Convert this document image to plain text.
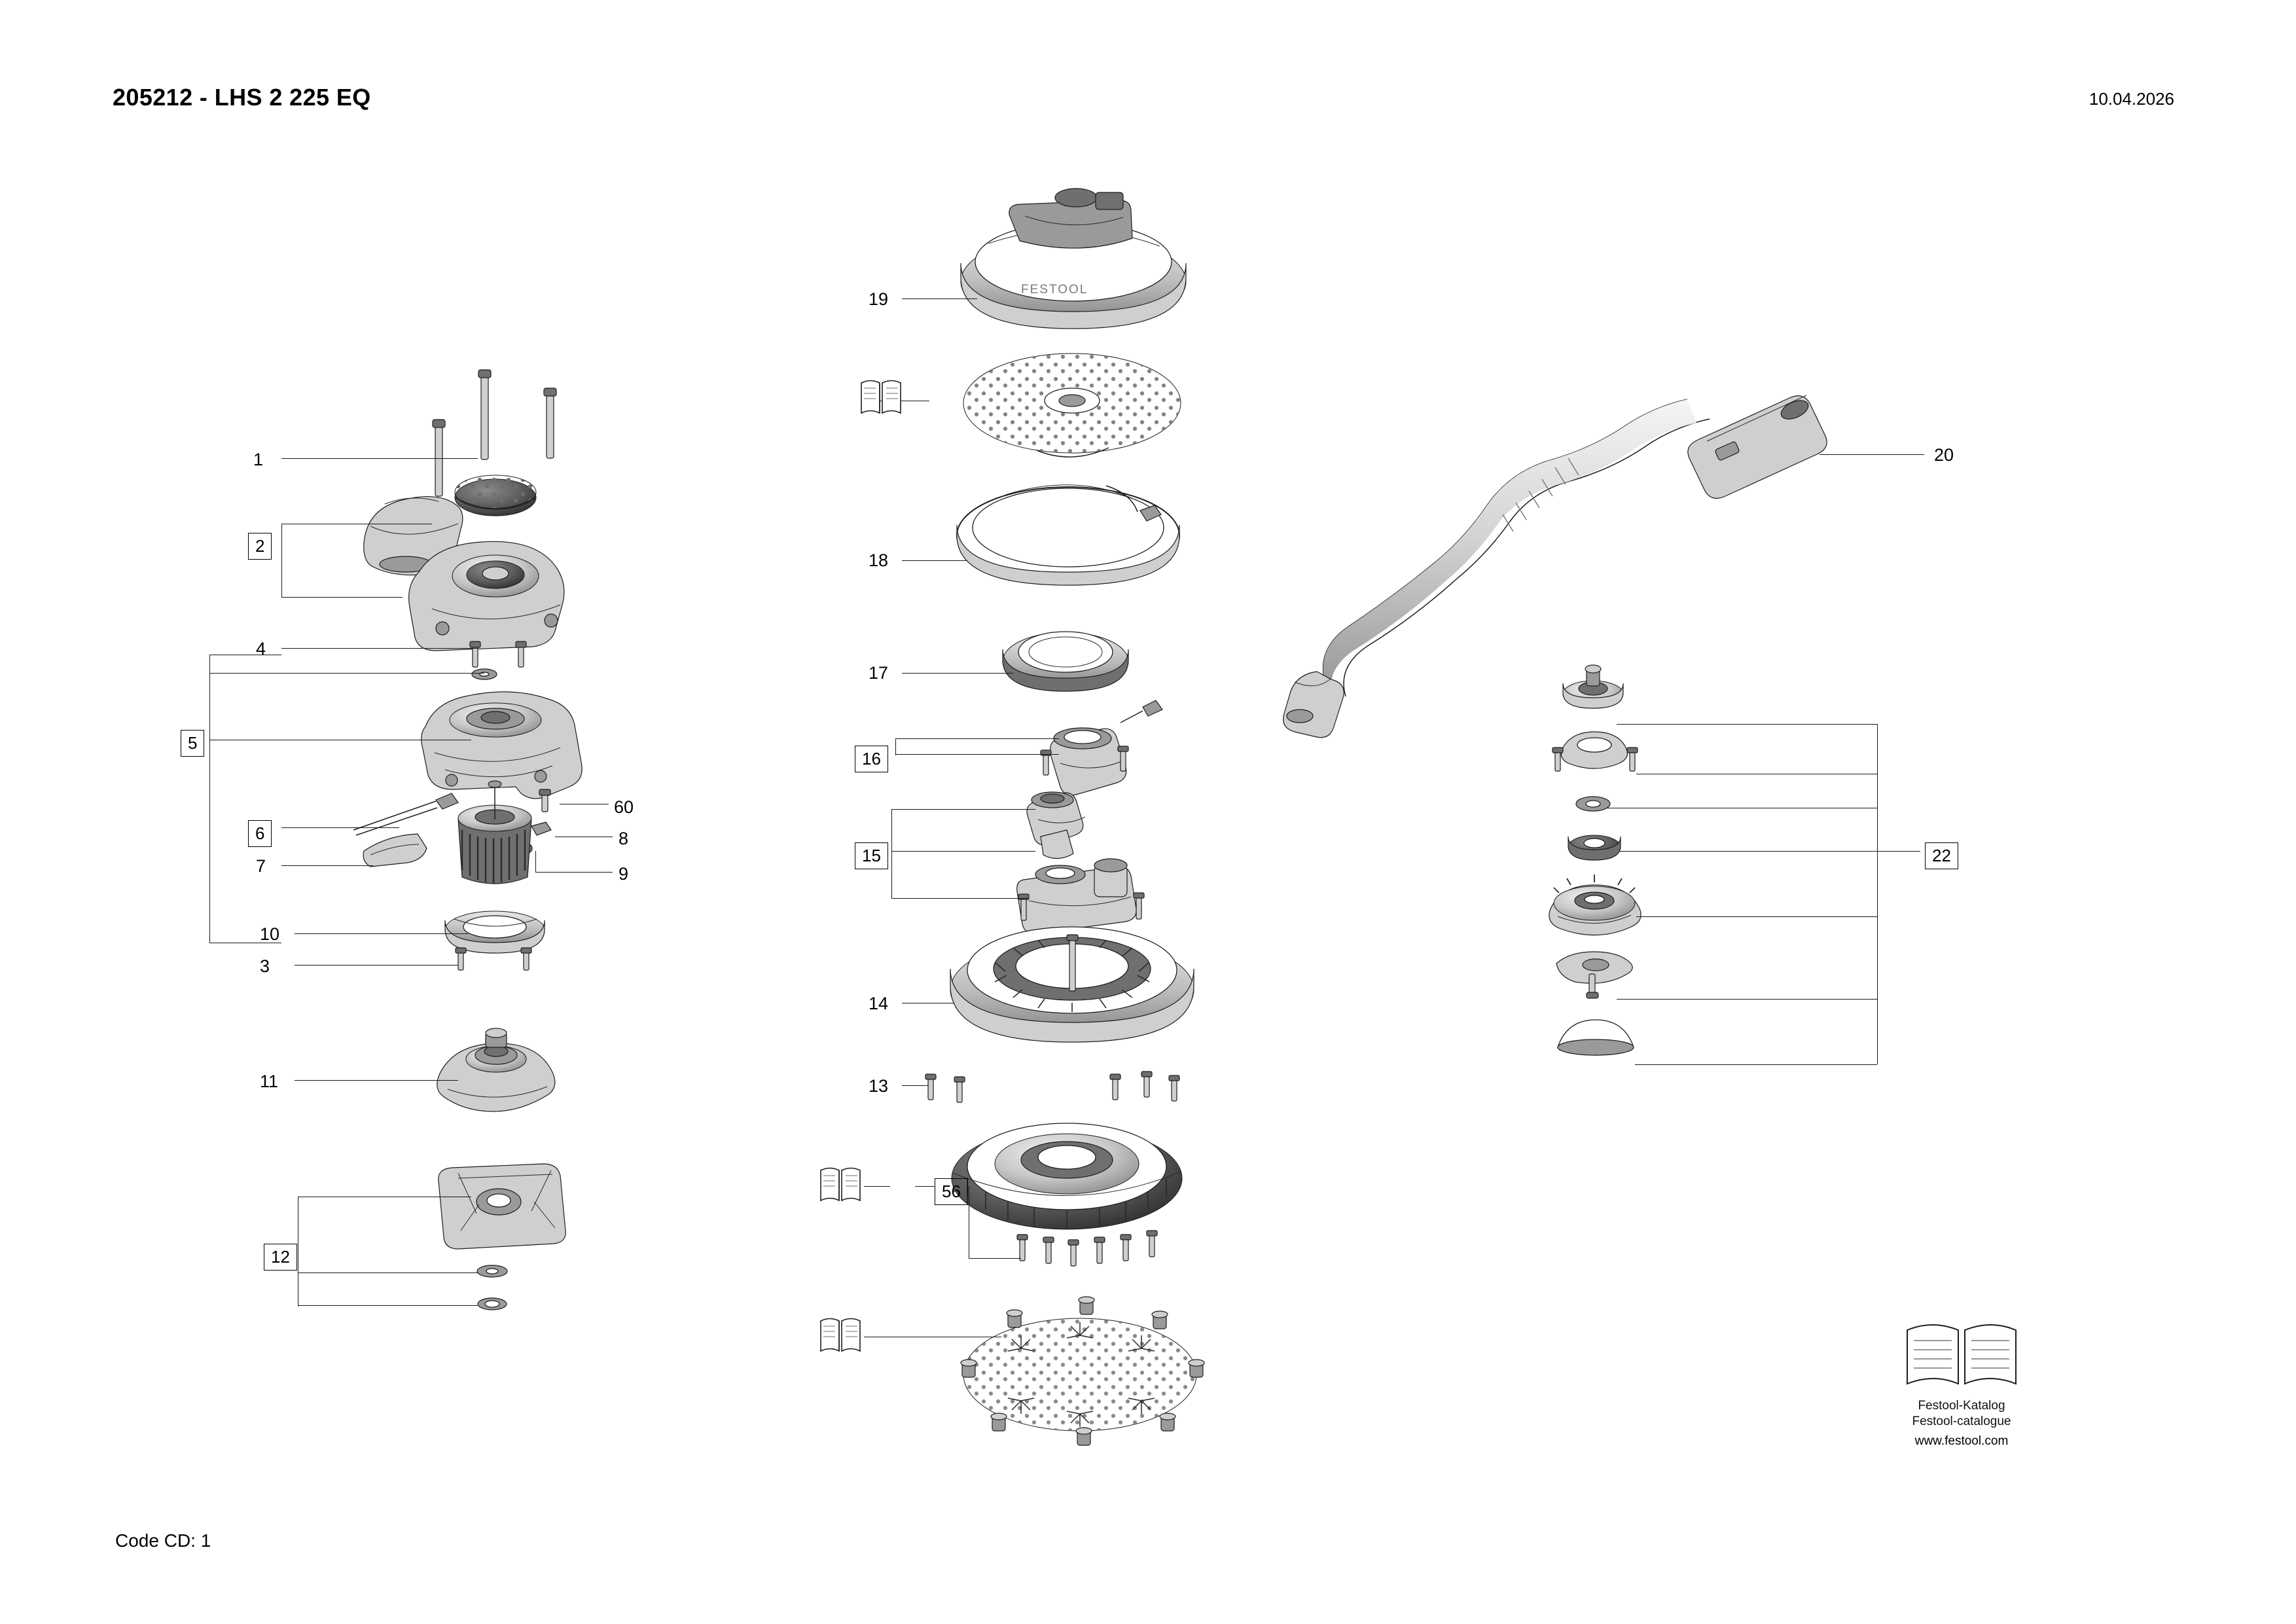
205212 - LHS 2 225 EQ	10.04.2026
Code CD: 1
FESTOOL
Festool-Katalog
Festool-catalogue
www.festool.com
1
2
4
5
6
7
60
8
9
10
3
11
12
19
18
17
16
15
14
13
56
20
22
